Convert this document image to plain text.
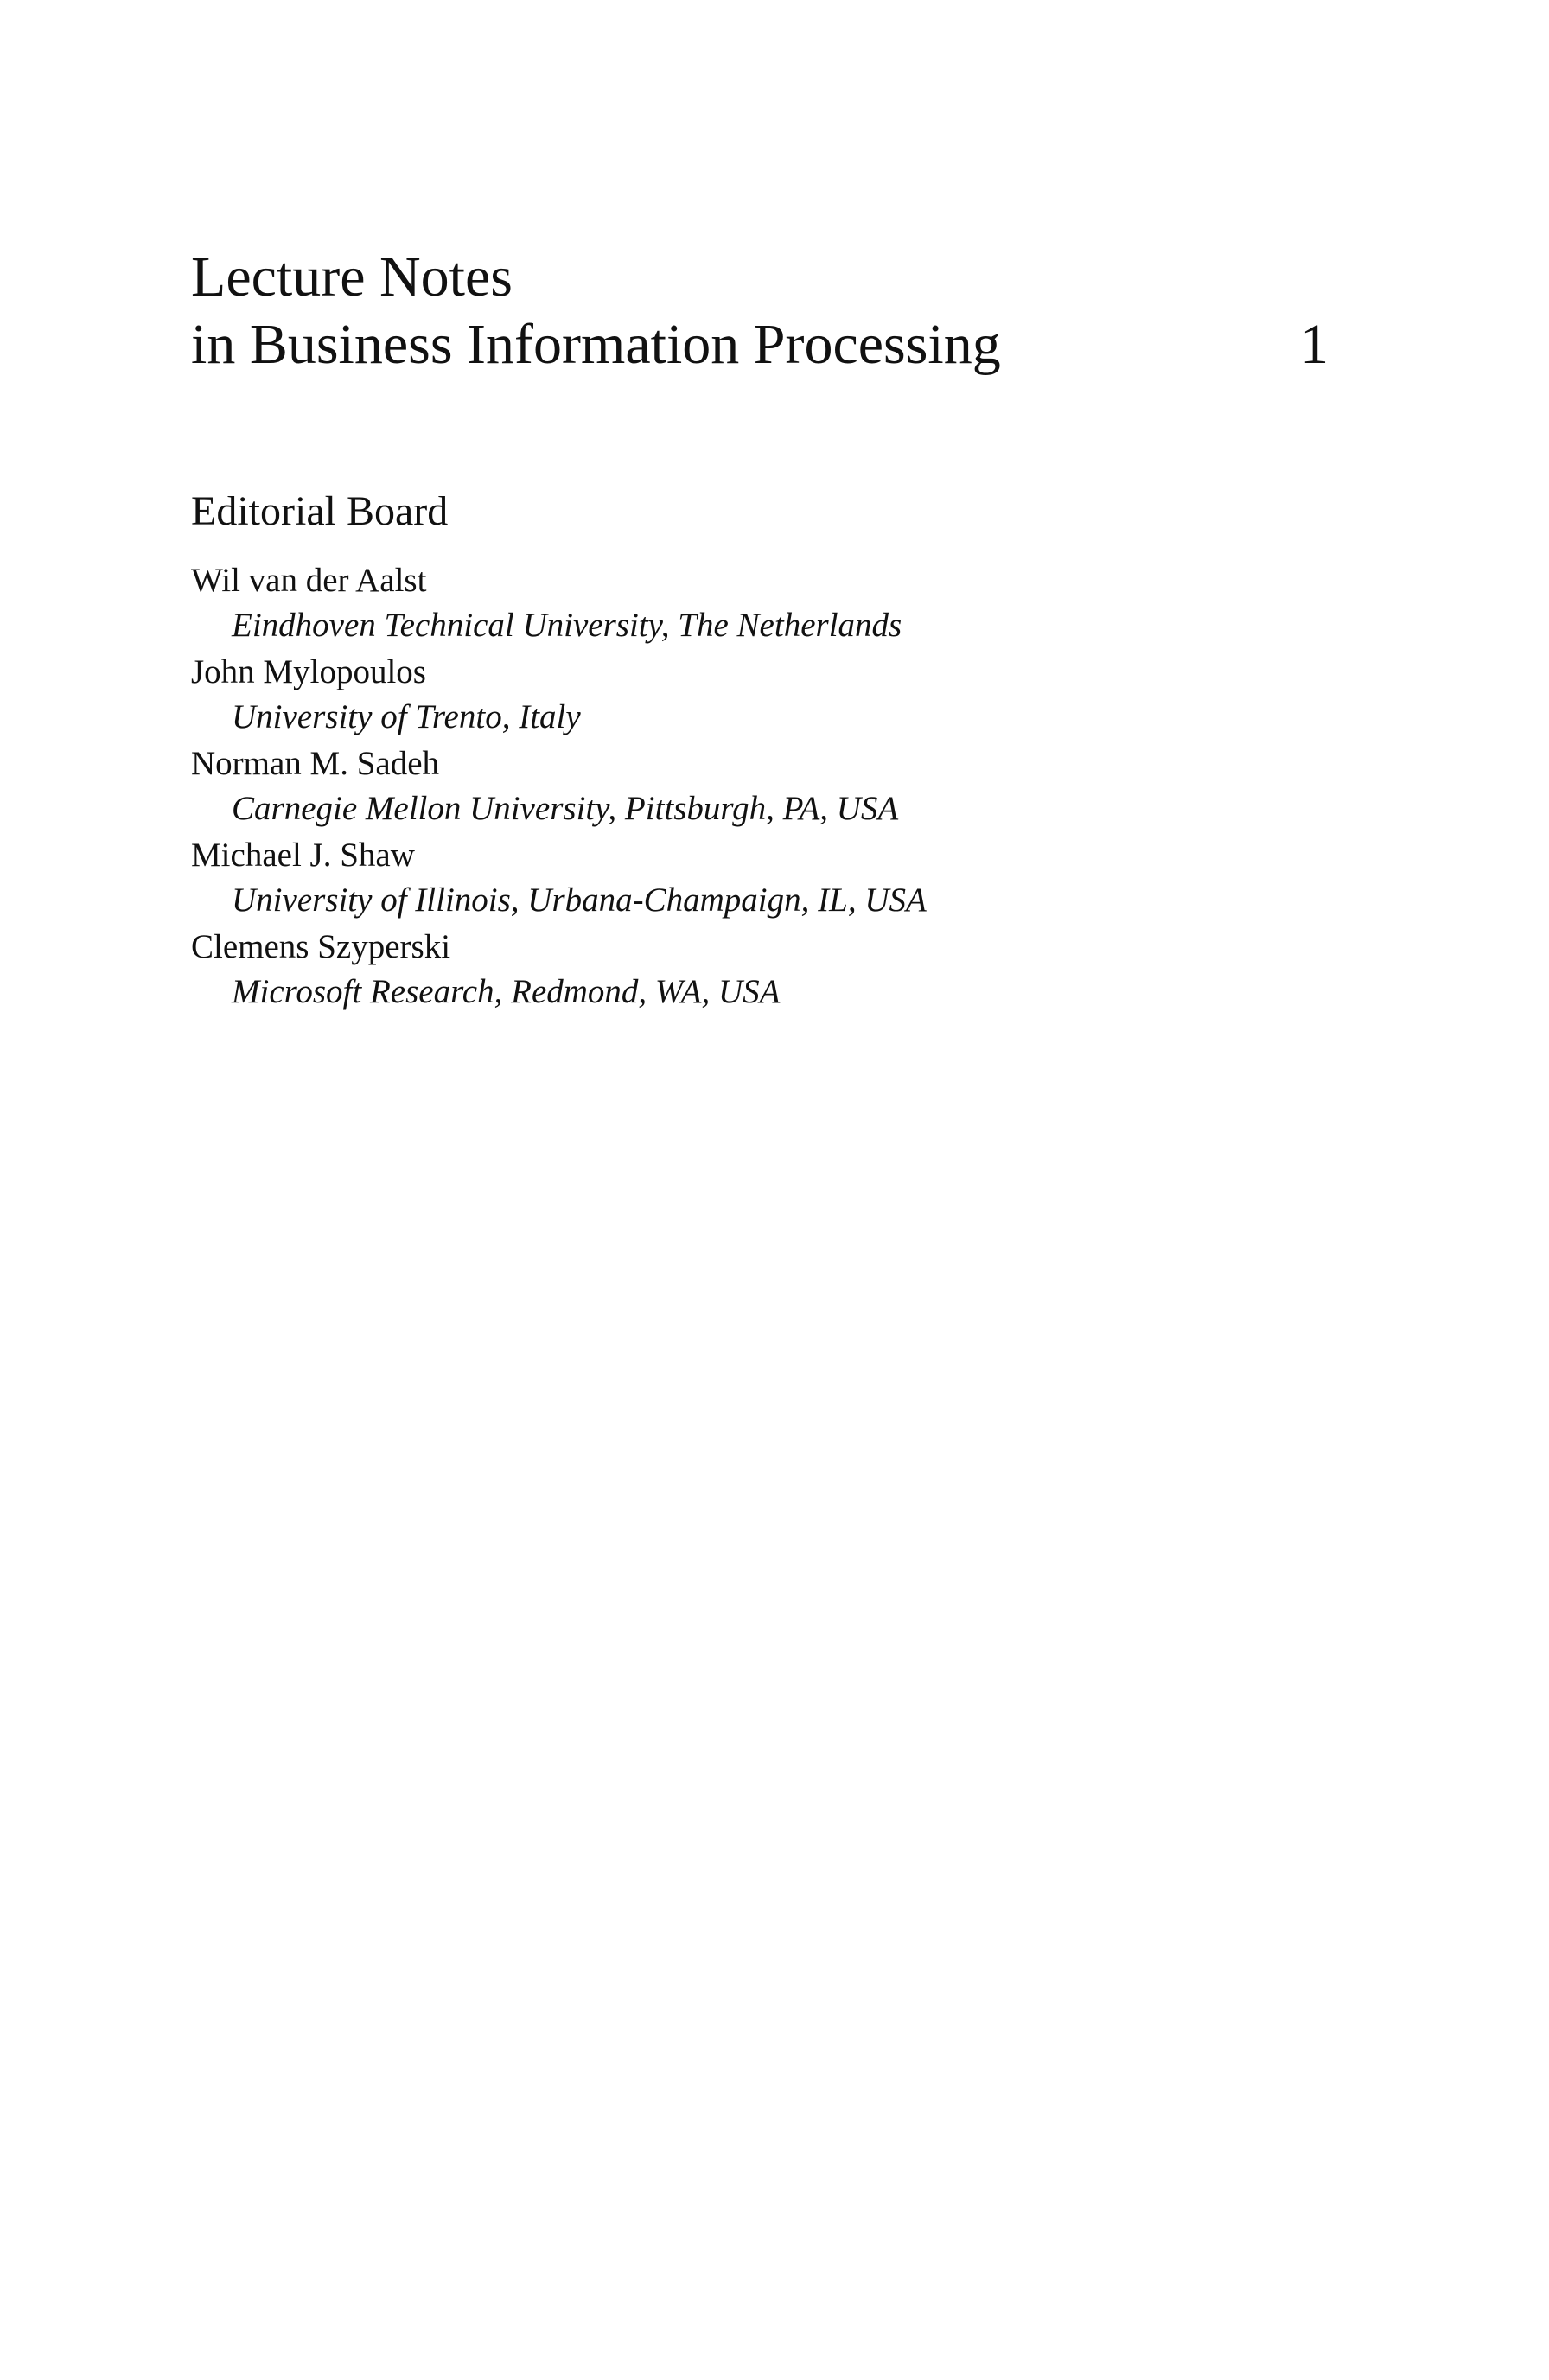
Lecture Notes
in Business Information Processing	1
Editorial Board
Wil van der Aalst
Eindhoven Technical University, The Netherlands
John Mylopoulos
University of Trento, Italy
Norman M. Sadeh
Carnegie Mellon University, Pittsburgh, PA, USA
Michael J. Shaw
University of Illinois, Urbana-Champaign, IL, USA
Clemens Szyperski
Microsoft Research, Redmond, WA, USA
